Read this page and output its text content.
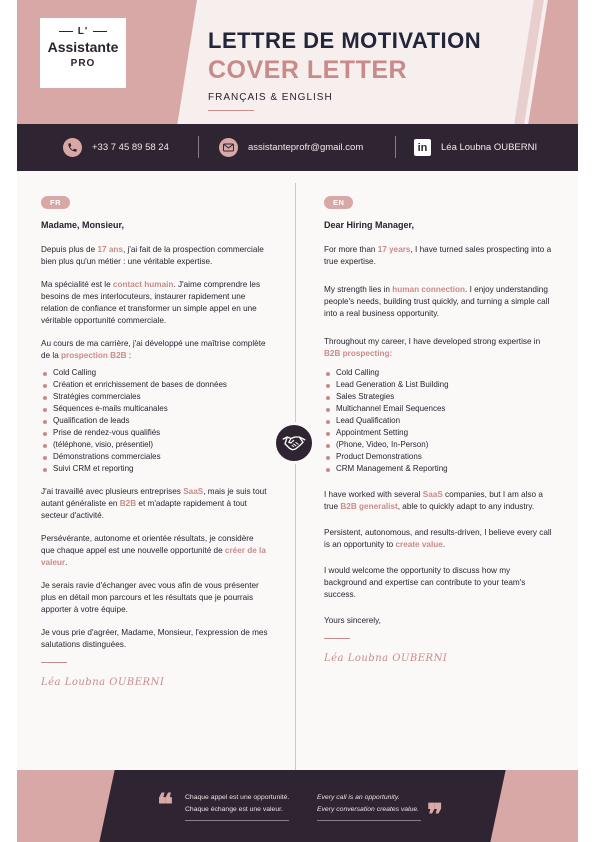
L'
Assistante
PRO
LETTRE DE MOTIVATION
COVER LETTER
FRANÇAIS & ENGLISH
+33 7 45 89 58 24	assistanteprofr@gmail.com	in	Léa Loubna OUBERNI
FR
Madame, Monsieur,

Depuis plus de 17 ans, j'ai fait de la prospection commerciale bien plus qu'un métier : une véritable expertise.

Ma spécialité est le contact humain. J'aime comprendre les besoins de mes interlocuteurs, instaurer rapidement une relation de confiance et transformer un simple appel en une véritable opportunité commerciale.

Au cours de ma carrière, j'ai développé une maîtrise complète de la prospection B2B :

Cold Calling
Création et enrichissement de bases de données
Stratégies commerciales
Séquences e-mails multicanales
Qualification de leads
Prise de rendez-vous qualifiés
(téléphone, visio, présentiel)
Démonstrations commerciales
Suivi CRM et reporting

J'ai travaillé avec plusieurs entreprises SaaS, mais je suis tout autant généraliste en B2B et m'adapte rapidement à tout secteur d'activité.

Persévérante, autonome et orientée résultats, je considère que chaque appel est une nouvelle opportunité de créer de la valeur.

Je serais ravie d'échanger avec vous afin de vous présenter plus en détail mon parcours et les résultats que je pourrais apporter à votre équipe.

Je vous prie d'agréer, Madame, Monsieur, l'expression de mes salutations distinguées.

Léa Loubna OUBERNI
EN
Dear Hiring Manager,

For more than 17 years, I have turned sales prospecting into a true expertise.

My strength lies in human connection. I enjoy understanding people's needs, building trust quickly, and turning a simple call into a real business opportunity.

Throughout my career, I have developed strong expertise in B2B prospecting:

Cold Calling
Lead Generation & List Building
Sales Strategies
Multichannel Email Sequences
Lead Qualification
Appointment Setting
(Phone, Video, In-Person)
Product Demonstrations
CRM Management & Reporting

I have worked with several SaaS companies, but I am also a true B2B generalist, able to quickly adapt to any industry.

Persistent, autonomous, and results-driven, I believe every call is an opportunity to create value.

I would welcome the opportunity to discuss how my background and expertise can contribute to your team's success.

Yours sincerely,

Léa Loubna OUBERNI
❝ Chaque appel est une opportunité.
Chaque échange est une valeur.
Every call is an opportunity.
Every conversation creates value. ❞
